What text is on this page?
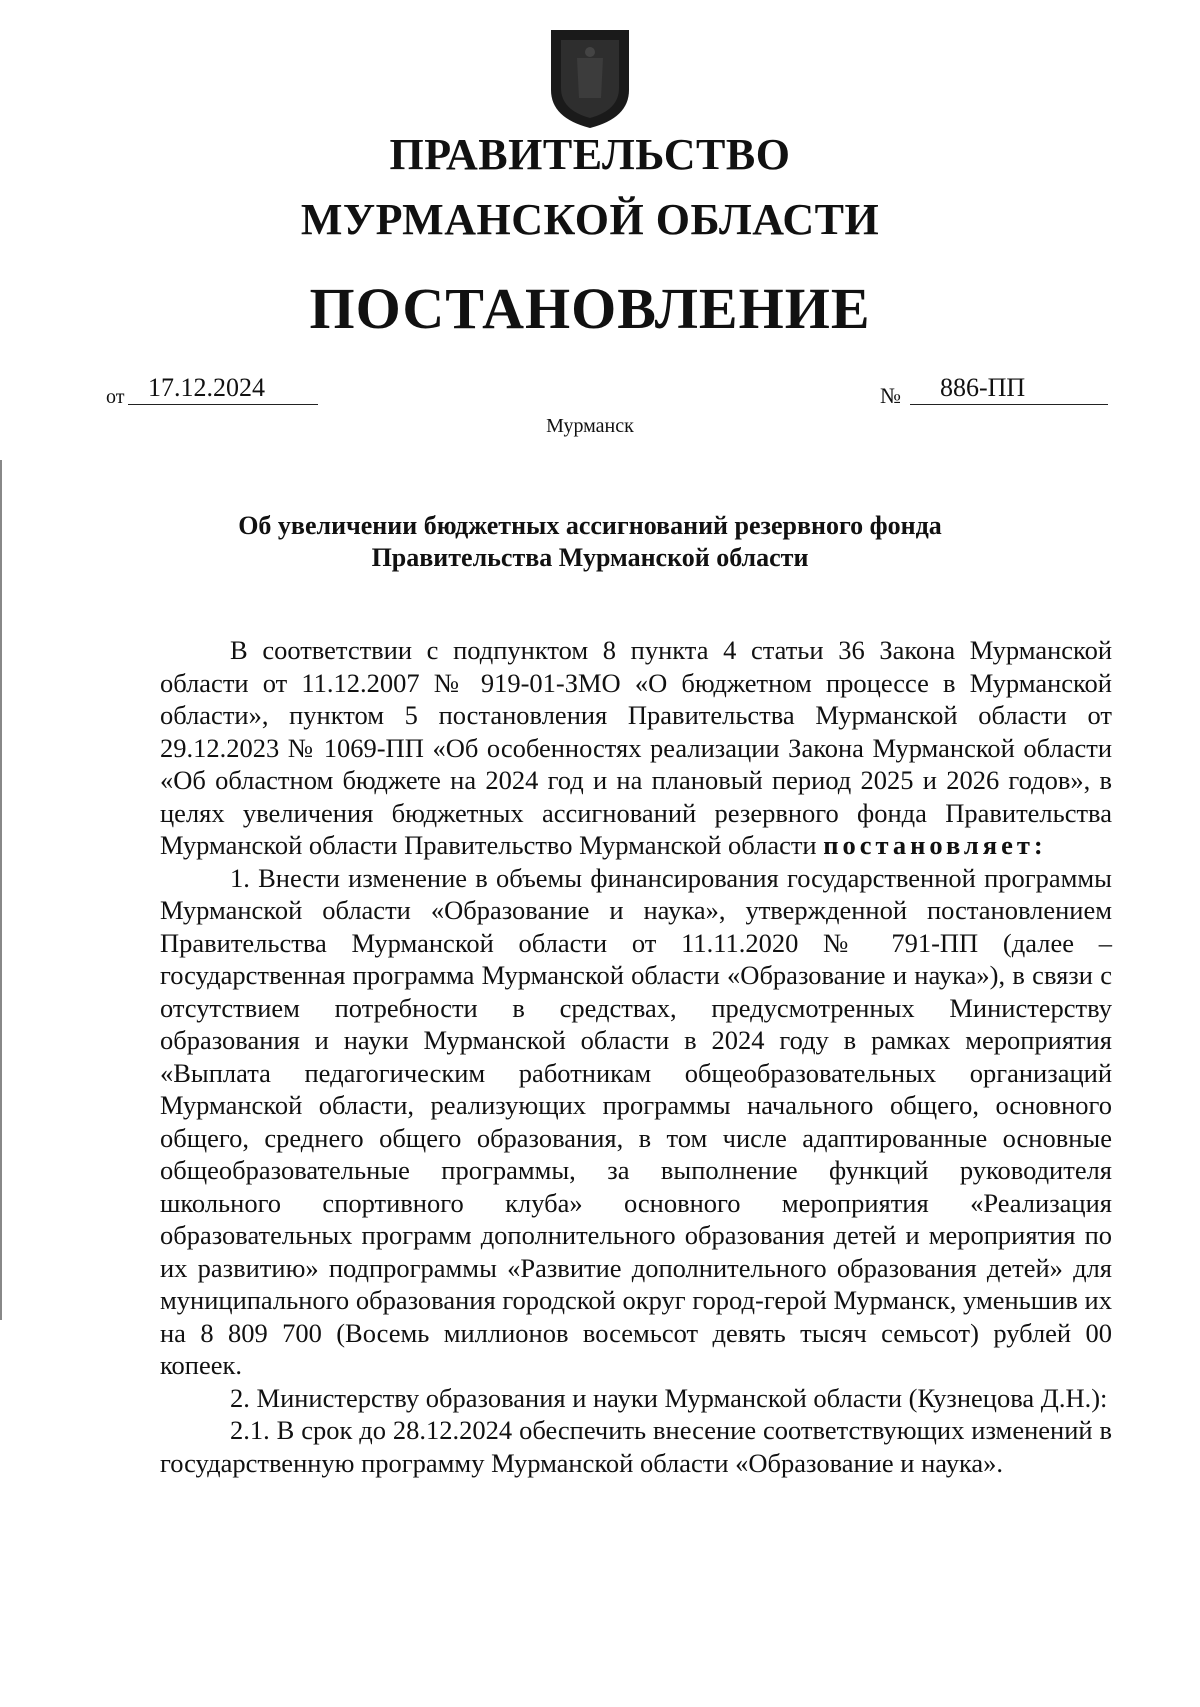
ПРАВИТЕЛЬСТВО
МУРМАНСКОЙ ОБЛАСТИ
ПОСТАНОВЛЕНИЕ
от 17.12.2024	№	886-ПП
Мурманск
Об увеличении бюджетных ассигнований резервного фонда
Правительства Мурманской области

В соответствии с подпунктом 8 пункта 4 статьи 36 Закона Мурманской области от 11.12.2007 № 919-01-ЗМО «О бюджетном процессе в Мурманской области», пунктом 5 постановления Правительства Мурманской области от 29.12.2023 № 1069-ПП «Об особенностях реализации Закона Мурманской области «Об областном бюджете на 2024 год и на плановый период 2025 и 2026 годов», в целях увеличения бюджетных ассигнований резервного фонда Правительства Мурманской области Правительство Мурманской области постановляет:

1. Внести изменение в объемы финансирования государственной программы Мурманской области «Образование и наука», утвержденной постановлением Правительства Мурманской области от 11.11.2020 № 791-ПП (далее – государственная программа Мурманской области «Образование и наука»), в связи с отсутствием потребности в средствах, предусмотренных Министерству образования и науки Мурманской области в 2024 году в рамках мероприятия «Выплата педагогическим работникам общеобразовательных организаций Мурманской области, реализующих программы начального общего, основного общего, среднего общего образования, в том числе адаптированные основные общеобразовательные программы, за выполнение функций руководителя школьного спортивного клуба» основного мероприятия «Реализация образовательных программ дополнительного образования детей и мероприятия по их развитию» подпрограммы «Развитие дополнительного образования детей» для муниципального образования городской округ город-герой Мурманск, уменьшив их на 8 809 700 (Восемь миллионов восемьсот девять тысяч семьсот) рублей 00 копеек.

2. Министерству образования и науки Мурманской области (Кузнецова Д.Н.):

2.1. В срок до 28.12.2024 обеспечить внесение соответствующих изменений в государственную программу Мурманской области «Образование и наука».
